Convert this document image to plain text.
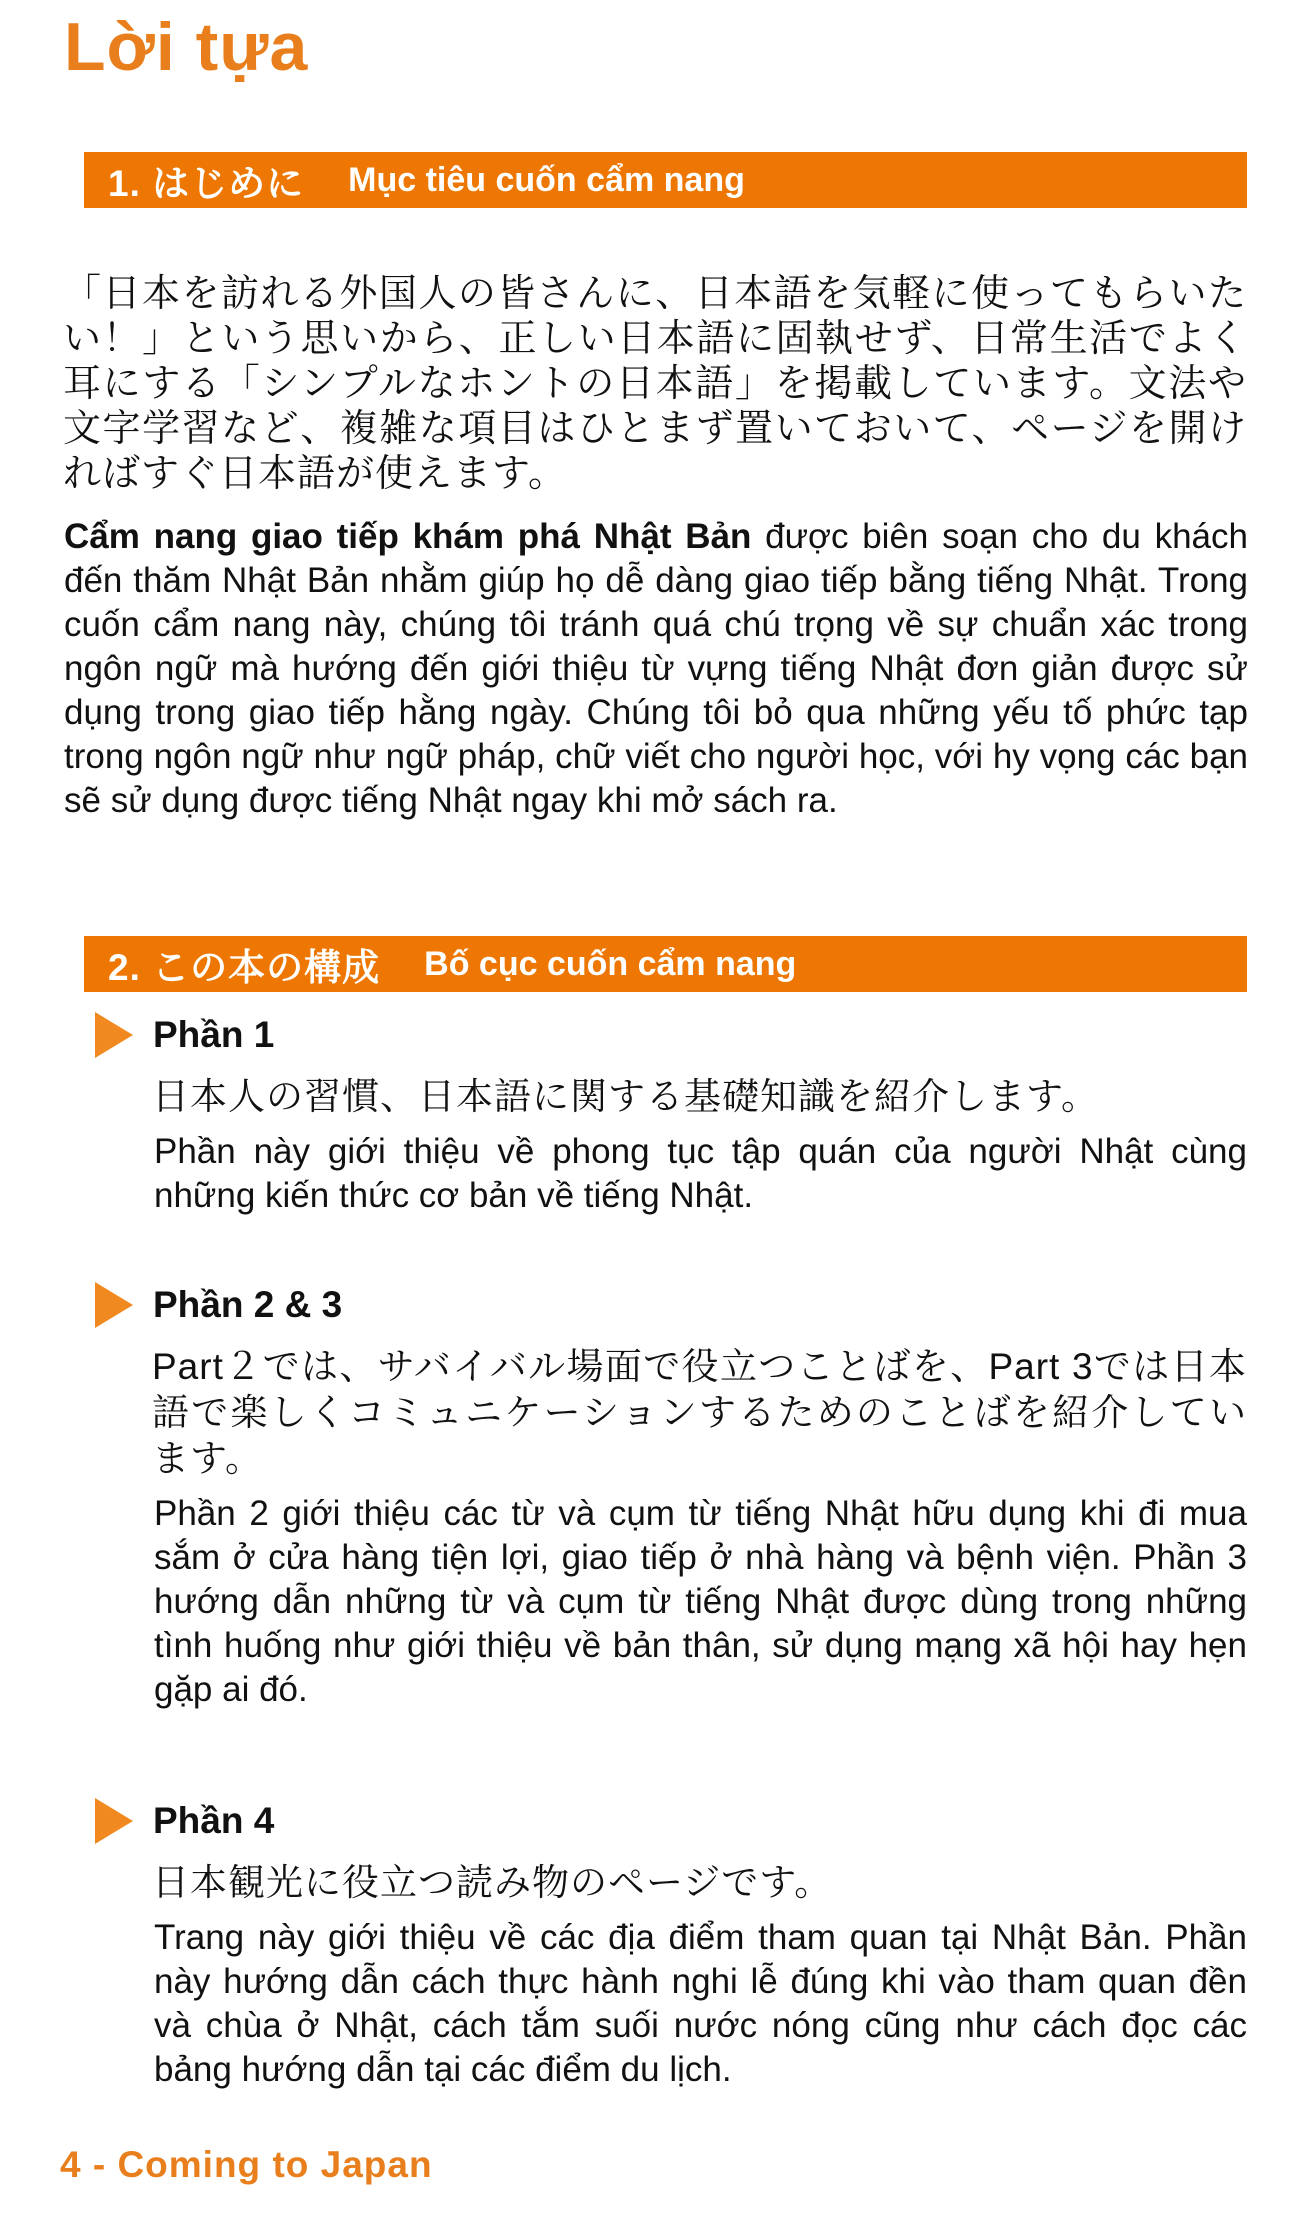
Lời tựa
1. はじめに Mục tiêu cuốn cẩm nang

「日本を訪れる外国人の皆さんに、日本語を気軽に使ってもらいたい！」という思いから、正しい日本語に固執せず、日常生活でよく耳にする「シンプルなホントの日本語」を掲載しています。文法や文字学習など、複雑な項目はひとまず置いておいて、ページを開ければすぐ日本語が使えます。

Cẩm nang giao tiếp khám phá Nhật Bản được biên soạn cho du khách đến thăm Nhật Bản nhằm giúp họ dễ dàng giao tiếp bằng tiếng Nhật. Trong cuốn cẩm nang này, chúng tôi tránh quá chú trọng về sự chuẩn xác trong ngôn ngữ mà hướng đến giới thiệu từ vựng tiếng Nhật đơn giản được sử dụng trong giao tiếp hằng ngày. Chúng tôi bỏ qua những yếu tố phức tạp trong ngôn ngữ như ngữ pháp, chữ viết cho người học, với hy vọng các bạn sẽ sử dụng được tiếng Nhật ngay khi mở sách ra.

2. この本の構成 Bố cục cuốn cẩm nang
Phần 1
日本人の習慣、日本語に関する基礎知識を紹介します。
Phần này giới thiệu về phong tục tập quán của người Nhật cùng những kiến thức cơ bản về tiếng Nhật.
Phần 2 & 3
Part２では、サバイバル場面で役立つことばを、Part 3では日本語で楽しくコミュニケーションするためのことばを紹介しています。
Phần 2 giới thiệu các từ và cụm từ tiếng Nhật hữu dụng khi đi mua sắm ở cửa hàng tiện lợi, giao tiếp ở nhà hàng và bệnh viện. Phần 3 hướng dẫn những từ và cụm từ tiếng Nhật được dùng trong những tình huống như giới thiệu về bản thân, sử dụng mạng xã hội hay hẹn gặp ai đó.
Phần 4
日本観光に役立つ読み物のページです。
Trang này giới thiệu về các địa điểm tham quan tại Nhật Bản. Phần này hướng dẫn cách thực hành nghi lễ đúng khi vào tham quan đền và chùa ở Nhật, cách tắm suối nước nóng cũng như cách đọc các bảng hướng dẫn tại các điểm du lịch.
4 - Coming to Japan
